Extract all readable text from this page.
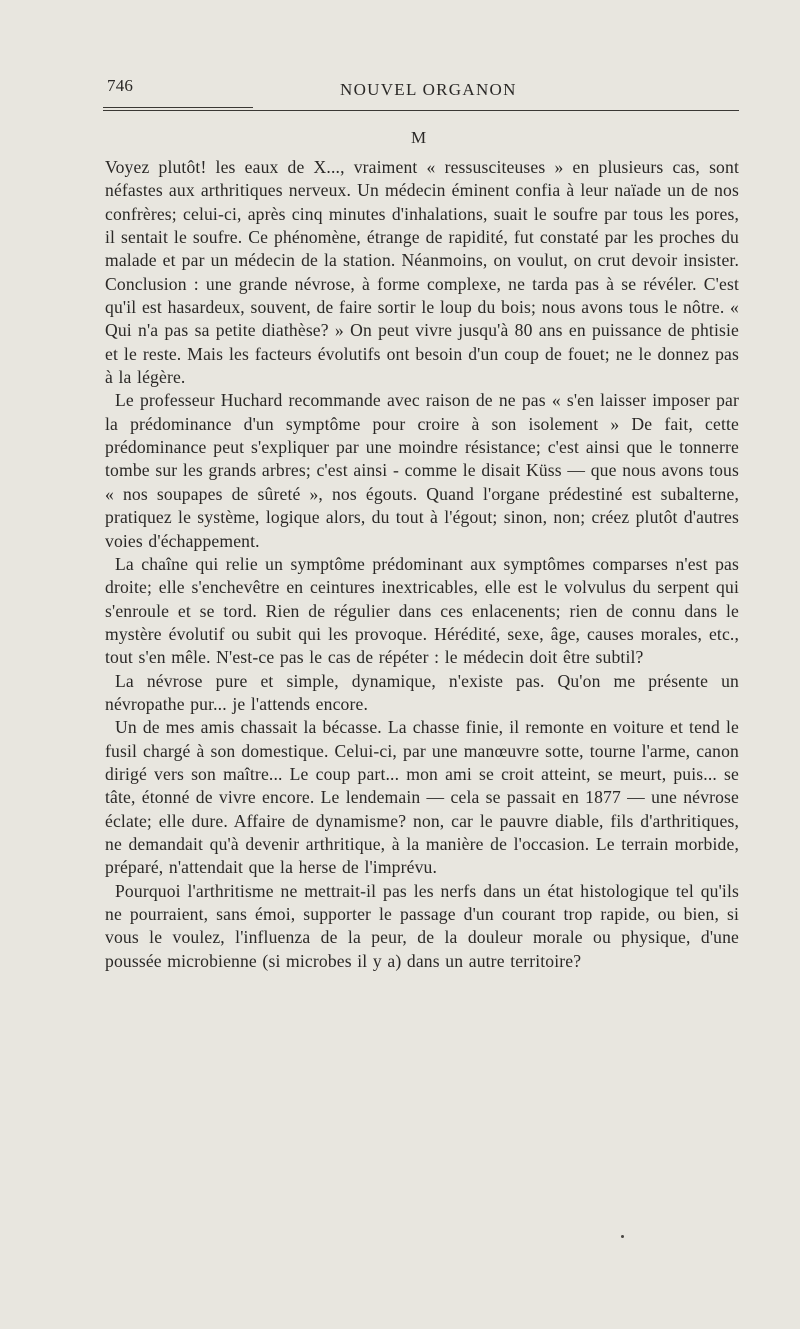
746	NOUVEL ORGANON
M

Voyez plutôt! les eaux de X..., vraiment « ressusciteuses » en plusieurs cas, sont néfastes aux arthritiques nerveux. Un médecin éminent confia à leur naïade un de nos confrères; celui-ci, après cinq minutes d'inhalations, suait le soufre par tous les pores, il sentait le soufre. Ce phénomène, étrange de rapidité, fut constaté par les proches du malade et par un médecin de la station. Néanmoins, on voulut, on crut devoir insister. Conclusion : une grande névrose, à forme complexe, ne tarda pas à se révéler. C'est qu'il est hasardeux, souvent, de faire sortir le loup du bois; nous avons tous le nôtre. « Qui n'a pas sa petite diathèse? » On peut vivre jusqu'à 80 ans en puissance de phtisie et le reste. Mais les facteurs évolutifs ont besoin d'un coup de fouet; ne le donnez pas à la légère.

Le professeur Huchard recommande avec raison de ne pas « s'en laisser imposer par la prédominance d'un symptôme pour croire à son isolement » De fait, cette prédominance peut s'expliquer par une moindre résistance; c'est ainsi que le tonnerre tombe sur les grands arbres; c'est ainsi - comme le disait Küss — que nous avons tous « nos soupapes de sûreté », nos égouts. Quand l'organe prédestiné est subalterne, pratiquez le système, logique alors, du tout à l'égout; sinon, non; créez plutôt d'autres voies d'échappement.

La chaîne qui relie un symptôme prédominant aux symptômes comparses n'est pas droite; elle s'enchevêtre en ceintures inextricables, elle est le volvulus du serpent qui s'enroule et se tord. Rien de régulier dans ces enlacenents; rien de connu dans le mystère évolutif ou subit qui les provoque. Hérédité, sexe, âge, causes morales, etc., tout s'en mêle. N'est-ce pas le cas de répéter : le médecin doit être subtil?

La névrose pure et simple, dynamique, n'existe pas. Qu'on me présente un névropathe pur... je l'attends encore.

Un de mes amis chassait la bécasse. La chasse finie, il remonte en voiture et tend le fusil chargé à son domestique. Celui-ci, par une manœuvre sotte, tourne l'arme, canon dirigé vers son maître... Le coup part... mon ami se croit atteint, se meurt, puis... se tâte, étonné de vivre encore. Le lendemain — cela se passait en 1877 — une névrose éclate; elle dure. Affaire de dynamisme? non, car le pauvre diable, fils d'arthritiques, ne demandait qu'à devenir arthritique, à la manière de l'occasion. Le terrain morbide, préparé, n'attendait que la herse de l'imprévu.

Pourquoi l'arthritisme ne mettrait-il pas les nerfs dans un état histologique tel qu'ils ne pourraient, sans émoi, supporter le passage d'un courant trop rapide, ou bien, si vous le voulez, l'influenza de la peur, de la douleur morale ou physique, d'une poussée microbienne (si microbes il y a) dans un autre territoire?
